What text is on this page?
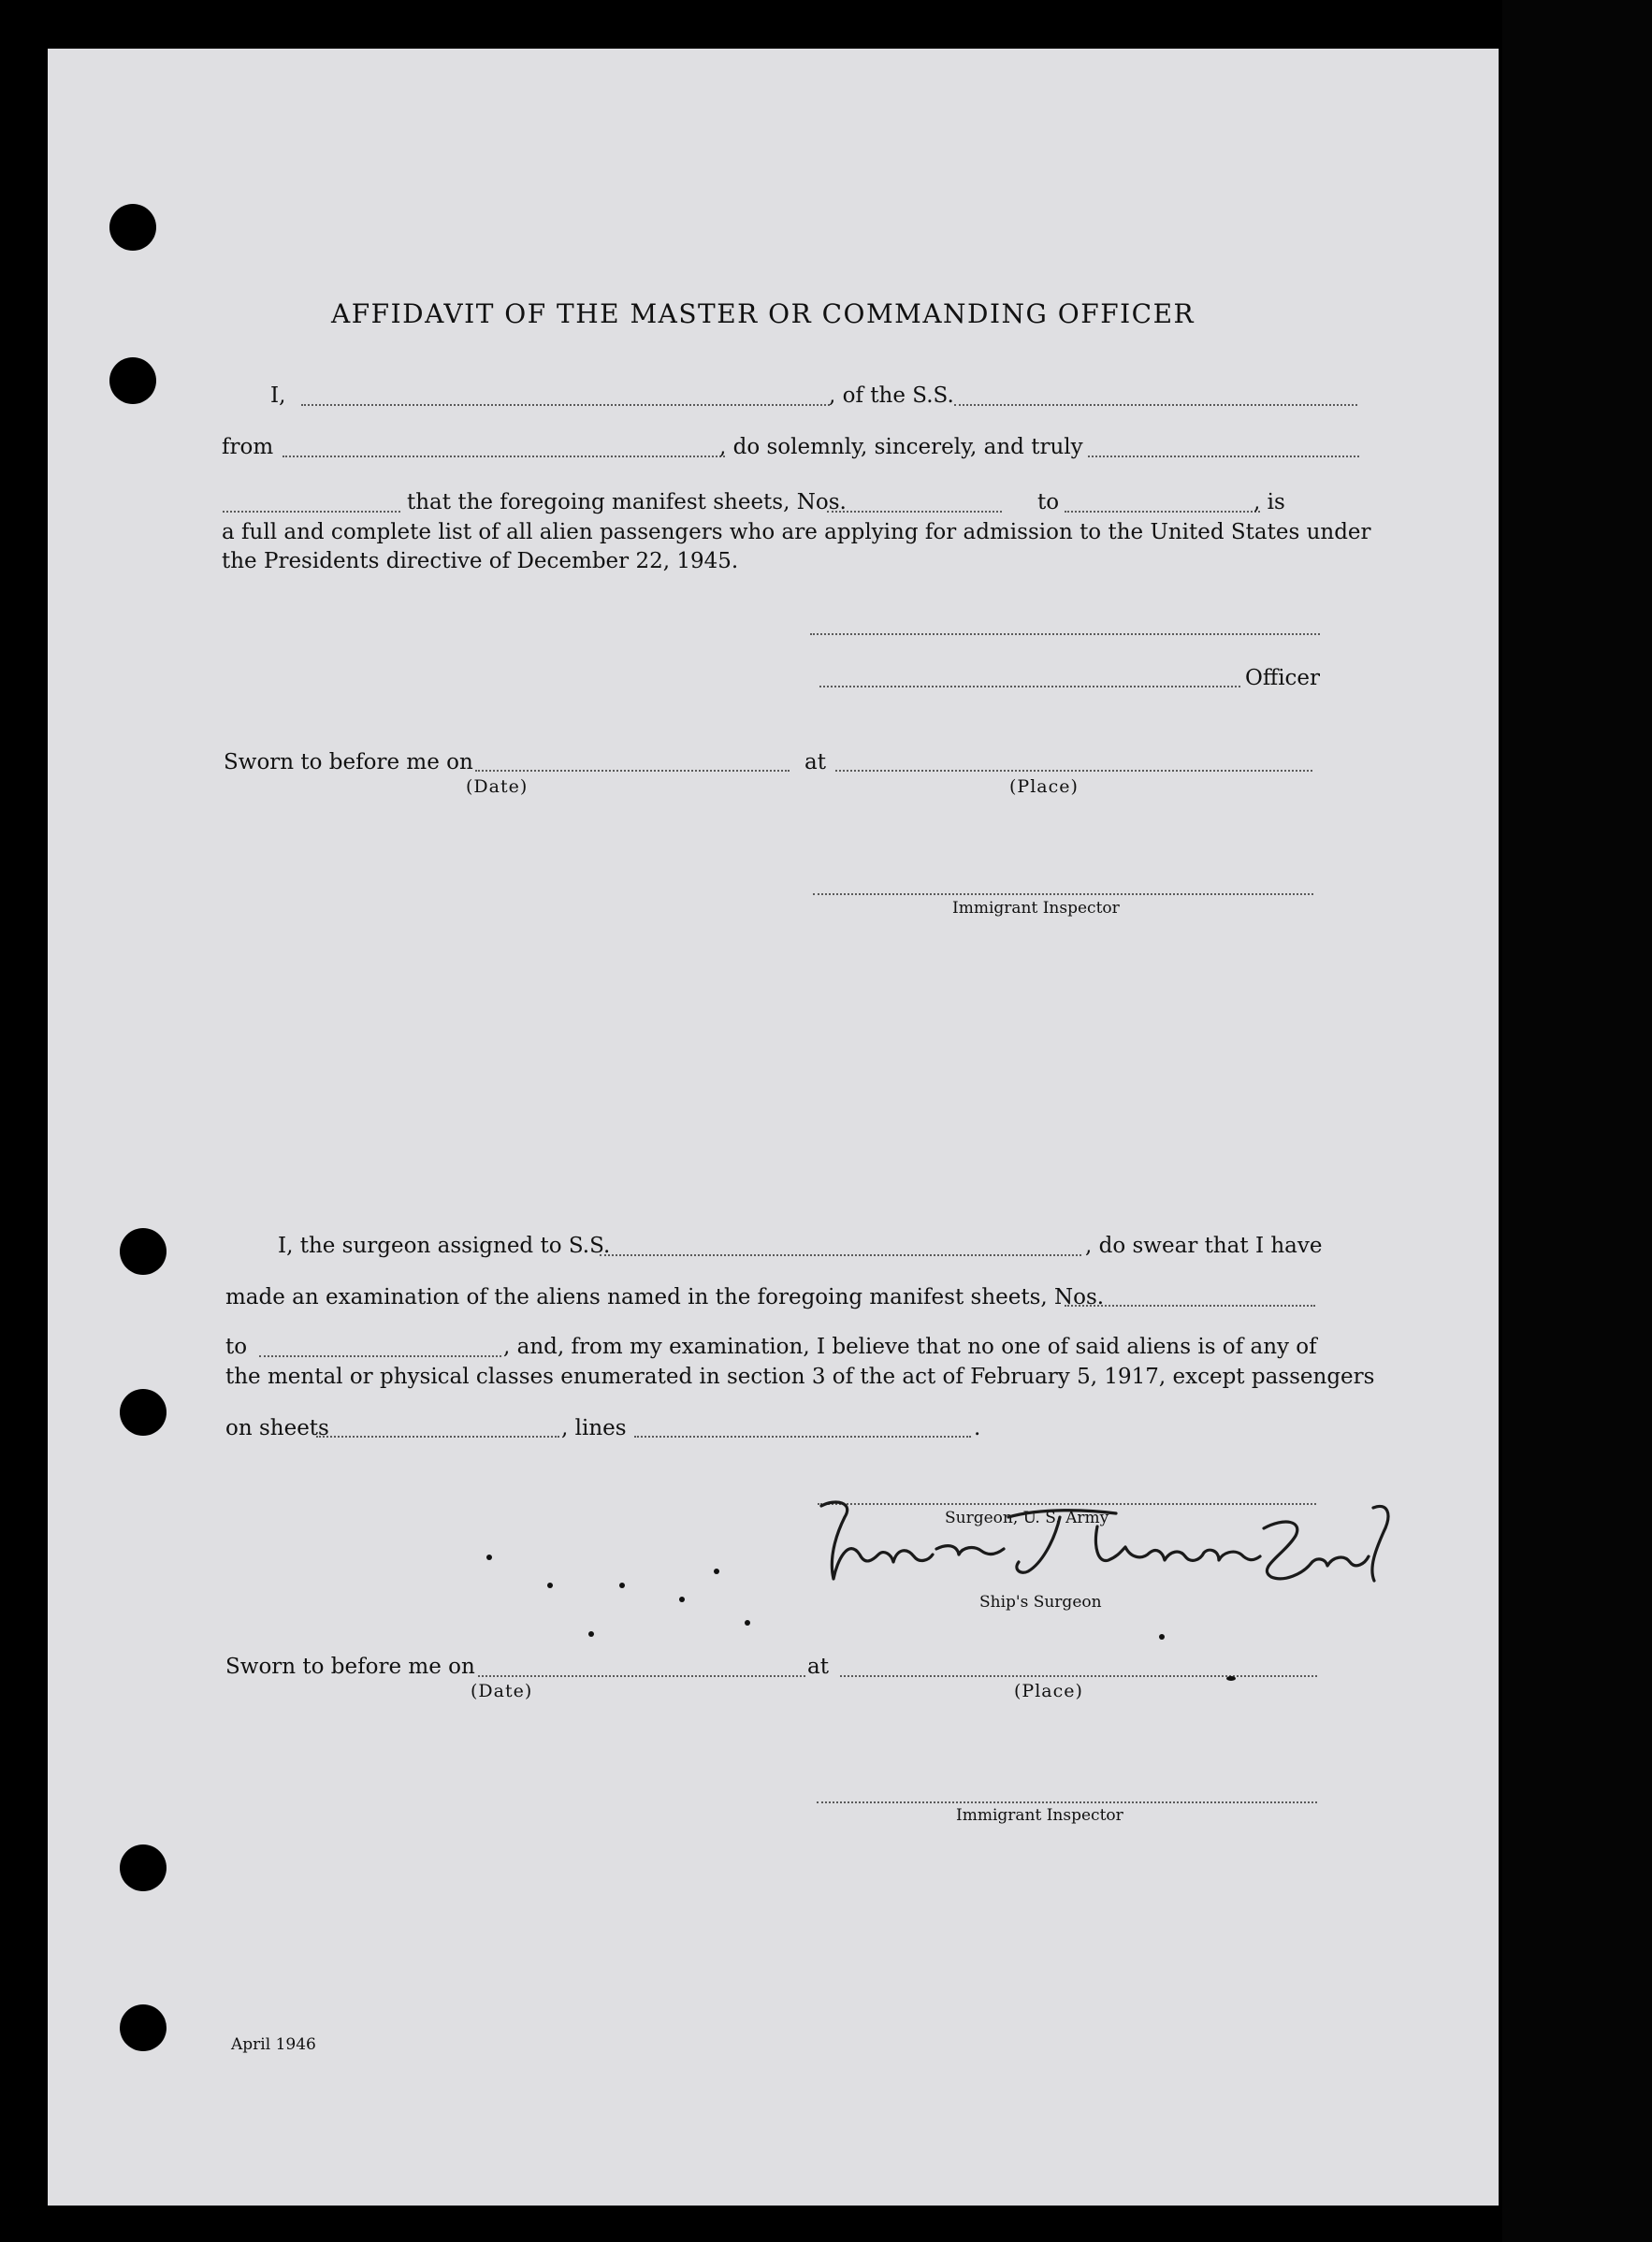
AFFIDAVIT OF THE MASTER OR COMMANDING OFFICER
I,	, of the S.S.
from	, do solemnly, sincerely, and truly
that the foregoing manifest sheets, Nos.	to	, is
a full and complete list of all alien passengers who are applying for admission to the United States under
the Presidents directive of December 22, 1945.
Officer
Sworn to before me on
(Date)
at
(Place)
Immigrant Inspector
I, the surgeon assigned to S.S.	, do swear that I have
made an examination of the aliens named in the foregoing manifest sheets, Nos.
to	, and, from my examination, I believe that no one of said aliens is of any of
the mental or physical classes enumerated in section 3 of the act of February 5, 1917, except passengers
on sheets	, lines	.
Surgeon, U. S. Army
Ship's Surgeon
Sworn to before me on
(Date)
at
(Place)
Immigrant Inspector
April 1946
